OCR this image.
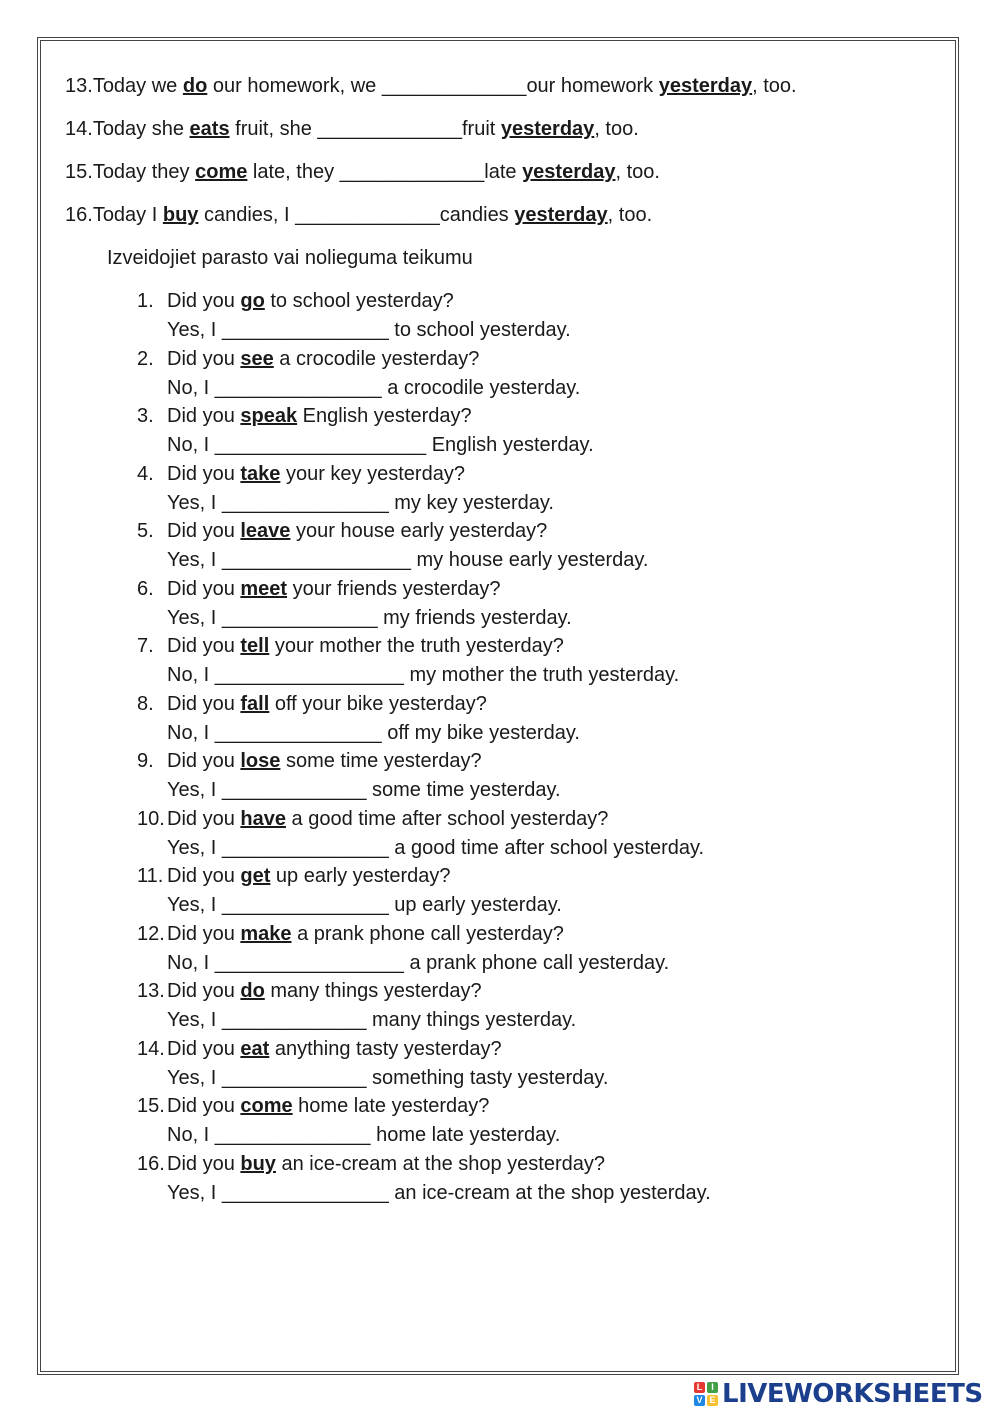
13.Today we do our homework, we _____________our homework yesterday, too.
14.Today she eats fruit, she _____________fruit yesterday, too.
15.Today they come late, they _____________late yesterday, too.
16.Today I buy candies, I _____________candies yesterday, too.
Izveidojiet parasto vai nolieguma teikumu
1. Did you go to school yesterday?
Yes, I _______________ to school yesterday.
2. Did you see a crocodile yesterday?
No, I _______________ a crocodile yesterday.
3. Did you speak English yesterday?
No, I ___________________ English yesterday.
4. Did you take your key yesterday?
Yes, I _______________ my key yesterday.
5. Did you leave your house early yesterday?
Yes, I _________________ my house early yesterday.
6. Did you meet your friends yesterday?
Yes, I ______________ my friends yesterday.
7. Did you tell your mother the truth yesterday?
No, I _________________ my mother the truth yesterday.
8. Did you fall off your bike yesterday?
No, I _______________ off my bike yesterday.
9. Did you lose some time yesterday?
Yes, I _____________ some time yesterday.
10. Did you have a good time after school yesterday?
Yes, I _______________ a good time after school yesterday.
11. Did you get up early yesterday?
Yes, I _______________ up early yesterday.
12. Did you make a prank phone call yesterday?
No, I _________________ a prank phone call yesterday.
13. Did you do many things yesterday?
Yes, I _____________ many things yesterday.
14. Did you eat anything tasty yesterday?
Yes, I _____________ something tasty yesterday.
15. Did you come home late yesterday?
No, I ______________ home late yesterday.
16. Did you buy an ice-cream at the shop yesterday?
Yes, I _______________ an ice-cream at the shop yesterday.
L I
V E LIVEWORKSHEETS
